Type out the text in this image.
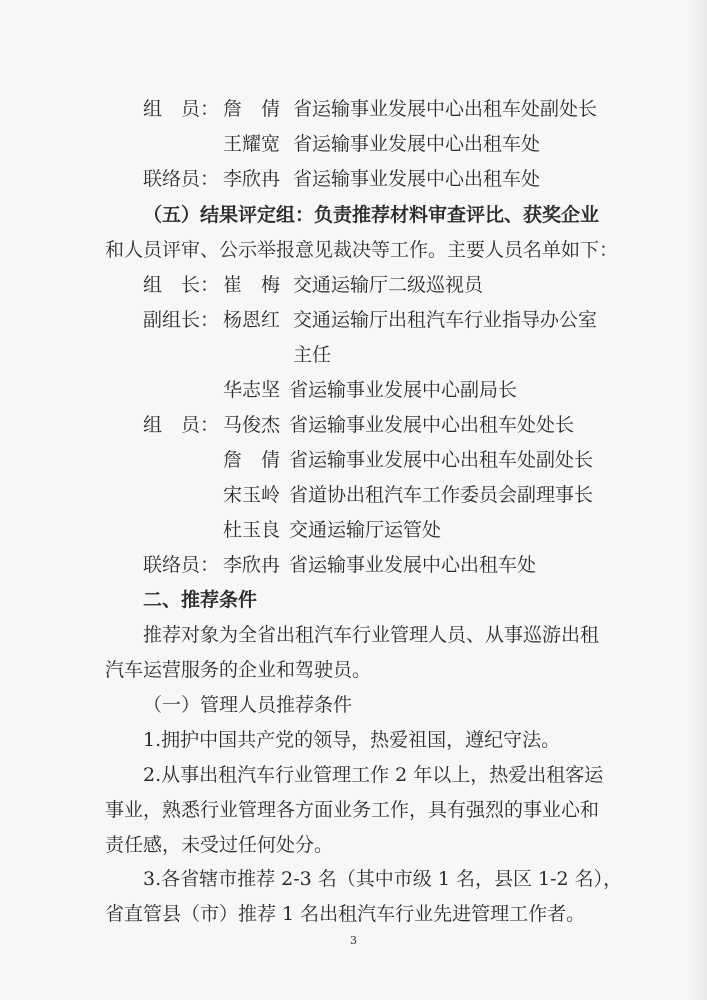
组　员： 詹　倩 省运输事业发展中心出租车处副处长
王耀宽 省运输事业发展中心出租车处
联络员： 李欣冉 省运输事业发展中心出租车处
（五）结果评定组：负责推荐材料审查评比、获奖企业
和人员评审、公示举报意见裁决等工作。主要人员名单如下：
组　长： 崔　梅 交通运输厅二级巡视员
副组长： 杨恩红 交通运输厅出租汽车行业指导办公室
主任
华志坚 省运输事业发展中心副局长
组　员： 马俊杰 省运输事业发展中心出租车处处长
詹　倩 省运输事业发展中心出租车处副处长
宋玉岭 省道协出租汽车工作委员会副理事长
杜玉良 交通运输厅运管处
联络员： 李欣冉 省运输事业发展中心出租车处
二、推荐条件
推荐对象为全省出租汽车行业管理人员、从事巡游出租
汽车运营服务的企业和驾驶员。
（一）管理人员推荐条件
1.拥护中国共产党的领导，热爱祖国，遵纪守法。
2.从事出租汽车行业管理工作 2 年以上，热爱出租客运
事业，熟悉行业管理各方面业务工作，具有强烈的事业心和
责任感，未受过任何处分。
3.各省辖市推荐 2-3 名（其中市级 1 名，县区 1-2 名），
省直管县（市）推荐 1 名出租汽车行业先进管理工作者。
3
